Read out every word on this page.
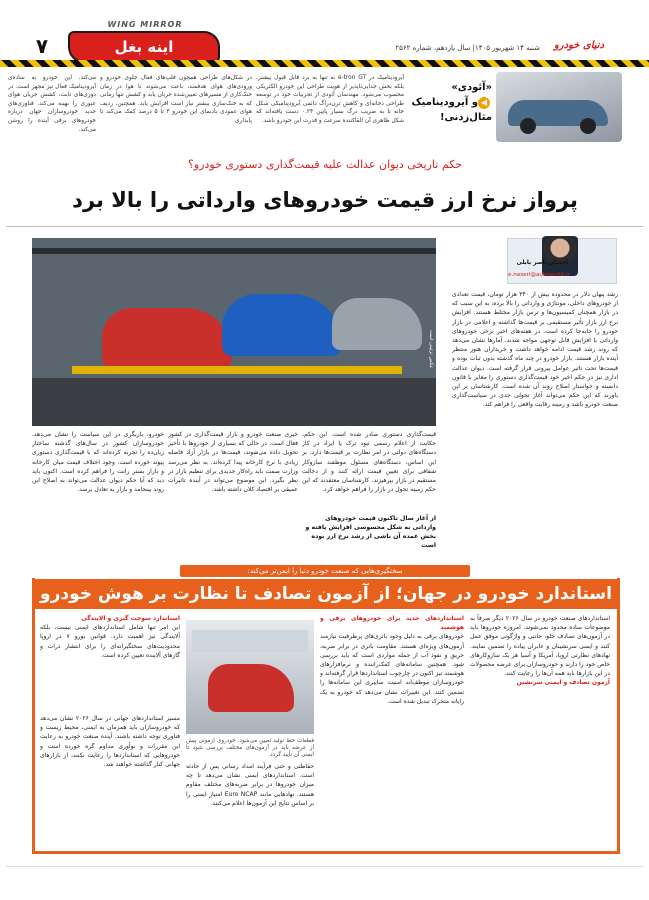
WING MIRROR
اینه بغل
٧	دنیای خودرو
شنبه ۱۴ شهریور ۱۴۰۵| سال یازدهم، شماره ۲۵۶۲
«آئودی»
◀و آیرودینامیک
مثال‌زدنی!
آیرودینامیک در e-tron GT نه تنها به برد قابل قبول بیشتر، بلکه بخش جدایی‌ناپذیر از هویت طراحی این خودرو الکتریکی محسوب می‌شود. مهندسان آئودی از تجربیات خود در توسعه طراحی دخانه‌ای و کاهش ترن‌دراگ دائمی آیرودینامیکی شکل خانه تا به ضریب درگ بسیار پایین ۰.۲۴ دست یافته‌اند که شکل ظاهری آن القاکننده سرعت و قدرت این خودرو باشد.
در شکل‌های طراحی همچون فلپ‌های فعال جلوی خودرو و ورودی‌های هوای هدفمند، باعث می‌شوند تا هوا در زمان خنک‌کاری از مسیرهای تعیین‌شده جریان یابد و کشش تنها زمانی که به خنک‌سازی بیشتر نیاز است افزایش یابد. همچنین، ردیف هوای عمودی بادنمای این خودرو ۳ تا ۵ درصد کمک می‌کند تا پایداری
می‌کند. این خودرو به ساده‌ی آیرودینامیک فعال نیز مجهز است. در دوری‌های ثابت، کشش جریان هوای عبوری را بهینه می‌کند. فناوری‌های جدید خودروسازان جهان درباره خودروهای برقی آینده را روشن می‌کند.
حکم تاریخی دیوان عدالت علیه قیمت‌گذاری دستوری خودرو؟
پرواز نرخ ارز قیمت خودروهای وارداتی را بالا برد
عکس تزئینی است
احسان ناصر بابلی
e.naseri@autoworld.ir
رشد پنهان دلار در محدوده بیش از ۳۴۰ هزار تومان، قیمت تعدادی از خودروهای داخلی، مونتاژی و وارداتی را بالا برده، به این سبب که در بازار همچنان کمیسیون‌ها و ترس بازار مختلط هستند. افزایش نرخ ارز بازار تأثیر مستقیمی بر قیمت‌ها گذاشته و اعلامی در بازار خودرو را جابه‌جا کرده است. در هفته‌های اخیر برخی خودروهای وارداتی با افزایش قابل توجهی مواجه شدند. آمارها نشان می‌دهد که روند رشد قیمت ادامه خواهد داشت و خریداران هنوز منتظر آینده بازار هستند. بازار خودرو در چند ماه گذشته بدون ثبات بوده و قیمت‌ها تحت تاثیر عوامل بیرونی قرار گرفته است. دیوان عدالت اداری نیز در حکم اخیر خود قیمت‌گذاری دستوری را مغایر با قانون دانسته و خواستار اصلاح روند آن شده است. کارشناسان بر این باورند که این حکم می‌تواند آغاز تحولی جدی در سیاست‌گذاری صنعت خودرو باشد و زمینه رقابت واقعی را فراهم کند.
قیمت‌گذاری دستوری صادر شده است. این حکم، حکایت از اعلام رسمی نبود ترک یا ایراد در کار دستگاه‌های دولتی در امر نظارت بر قیمت‌ها دارد. بر این اساس، دستگاه‌های مسئول موظفند سازوکار شفافی برای تعیین قیمت ارائه کنند و از دخالت مستقیم در بازار بپرهیزند. کارشناسان معتقدند که این حکم زمینه تحول در بازار را فراهم خواهد کرد.
خبری صنعت خودرو و بازار قیمت‌گذاری در کشور فعال است. در حالی که بسیاری از خودروها با تأخیر تحویل داده می‌شوند، قیمت‌ها در بازار آزاد فاصله زیادی با نرخ کارخانه پیدا کرده‌اند. به نظر می‌رسد وزارت صمت باید راه‌کار جدیدی برای تنظیم بازار در نظر بگیرد. این موضوع می‌تواند در آینده تاثیرات عمیقی بر اقتصاد کلان داشته باشد.
خودرو، بازیگری در این سیاست را نشان می‌دهد. خودروسازان کشور در سال‌های گذشته ساختار زیان‌ده را تجربه کرده‌اند که با قیمت‌گذاری دستوری پیوند خورده است. وجود اختلاف قیمت میان کارخانه و بازار بستر رانت را فراهم کرده است. اکنون باید دید که آیا حکم دیوان عدالت می‌تواند به اصلاح این روند بینجامد و بازار به تعادل برسد.
از آغاز سال تاکنون قیمت خودروهای وارداتی به شکل محسوسی افزایش یافته و بخش عمده آن ناشی از رشد نرخ ارز بوده است
سختگیری‌هایی که صنعت خودرو دنیا را ایمن‌تر می‌کند:
استاندارد خودرو در جهان؛ از آزمون تصادف تا نظارت بر هوش خودرو
استانداردهای صنعت خودرو در سال ۲۰۲۶ دیگر صرفاً به موضوعات ساده محدود نمی‌شوند. امروزه خودروها باید در آزمون‌های تصادف جلو، جانبی و واژگونی موفق عمل کنند و ایمنی سرنشینان و عابران پیاده را تضمین نمایند. نهادهای نظارتی اروپا، آمریکا و آسیا هر یک سازوکارهای خاص خود را دارند و خودروسازان برای عرضه محصولات در این بازارها باید همه آن‌ها را رعایت کنند.
آزمون تصادف و ایمنی سرنشین
استانداردهای جدید برای خودروهای برقی و هوشمند
خودروهای برقی به دلیل وجود باتری‌های پرظرفیت نیازمند آزمون‌های ویژه‌ای هستند. مقاومت باتری در برابر ضربه، حریق و نفوذ آب از جمله مواردی است که باید بررسی شود. همچنین سامانه‌های کمک‌راننده و نرم‌افزارهای هوشمند نیز اکنون در چارچوب استانداردها قرار گرفته‌اند و خودروسازان موظف‌اند امنیت سایبری این سامانه‌ها را تضمین کنند. این تغییرات نشان می‌دهد که خودرو به یک رایانه متحرک تبدیل شده است.
قطعات خط تولید تعیین می‌شود. خودروی آزمونی پیش از عرضه باید در آزمون‌های مختلف بررسی شود تا ایمنی آن تأیید گردد.
حفاظتی و حتی فرآیند امداد رسانی پس از حادثه است. استانداردهای ایمنی نشان می‌دهد تا چه میزان خودروها در برابر ضربه‌های مختلف مقاوم هستند. نهادهایی مانند Euro NCAP امتیاز ایمنی را بر اساس نتایج این آزمون‌ها اعلام می‌کنند.
استاندارد سوخت گیری و الایندگی
این امر تنها شامل استانداردهای ایمنی نیست، بلکه آلایندگی نیز اهمیت دارد. قوانین یورو ۷ در اروپا محدودیت‌های سختگیرانه‌ای را برای انتشار ذرات و گازهای آلاینده تعیین کرده است.
مسیر استانداردهای جهانی در سال ۲۰۲۶ نشان می‌دهد که خودروسازان باید همزمان به ایمنی، محیط زیست و فناوری توجه داشته باشند. آینده صنعت خودرو به رعایت این مقررات و نوآوری مداوم گره خورده است و خودروهایی که استانداردها را رعایت نکنند، از بازارهای جهانی کنار گذاشته خواهند شد.
